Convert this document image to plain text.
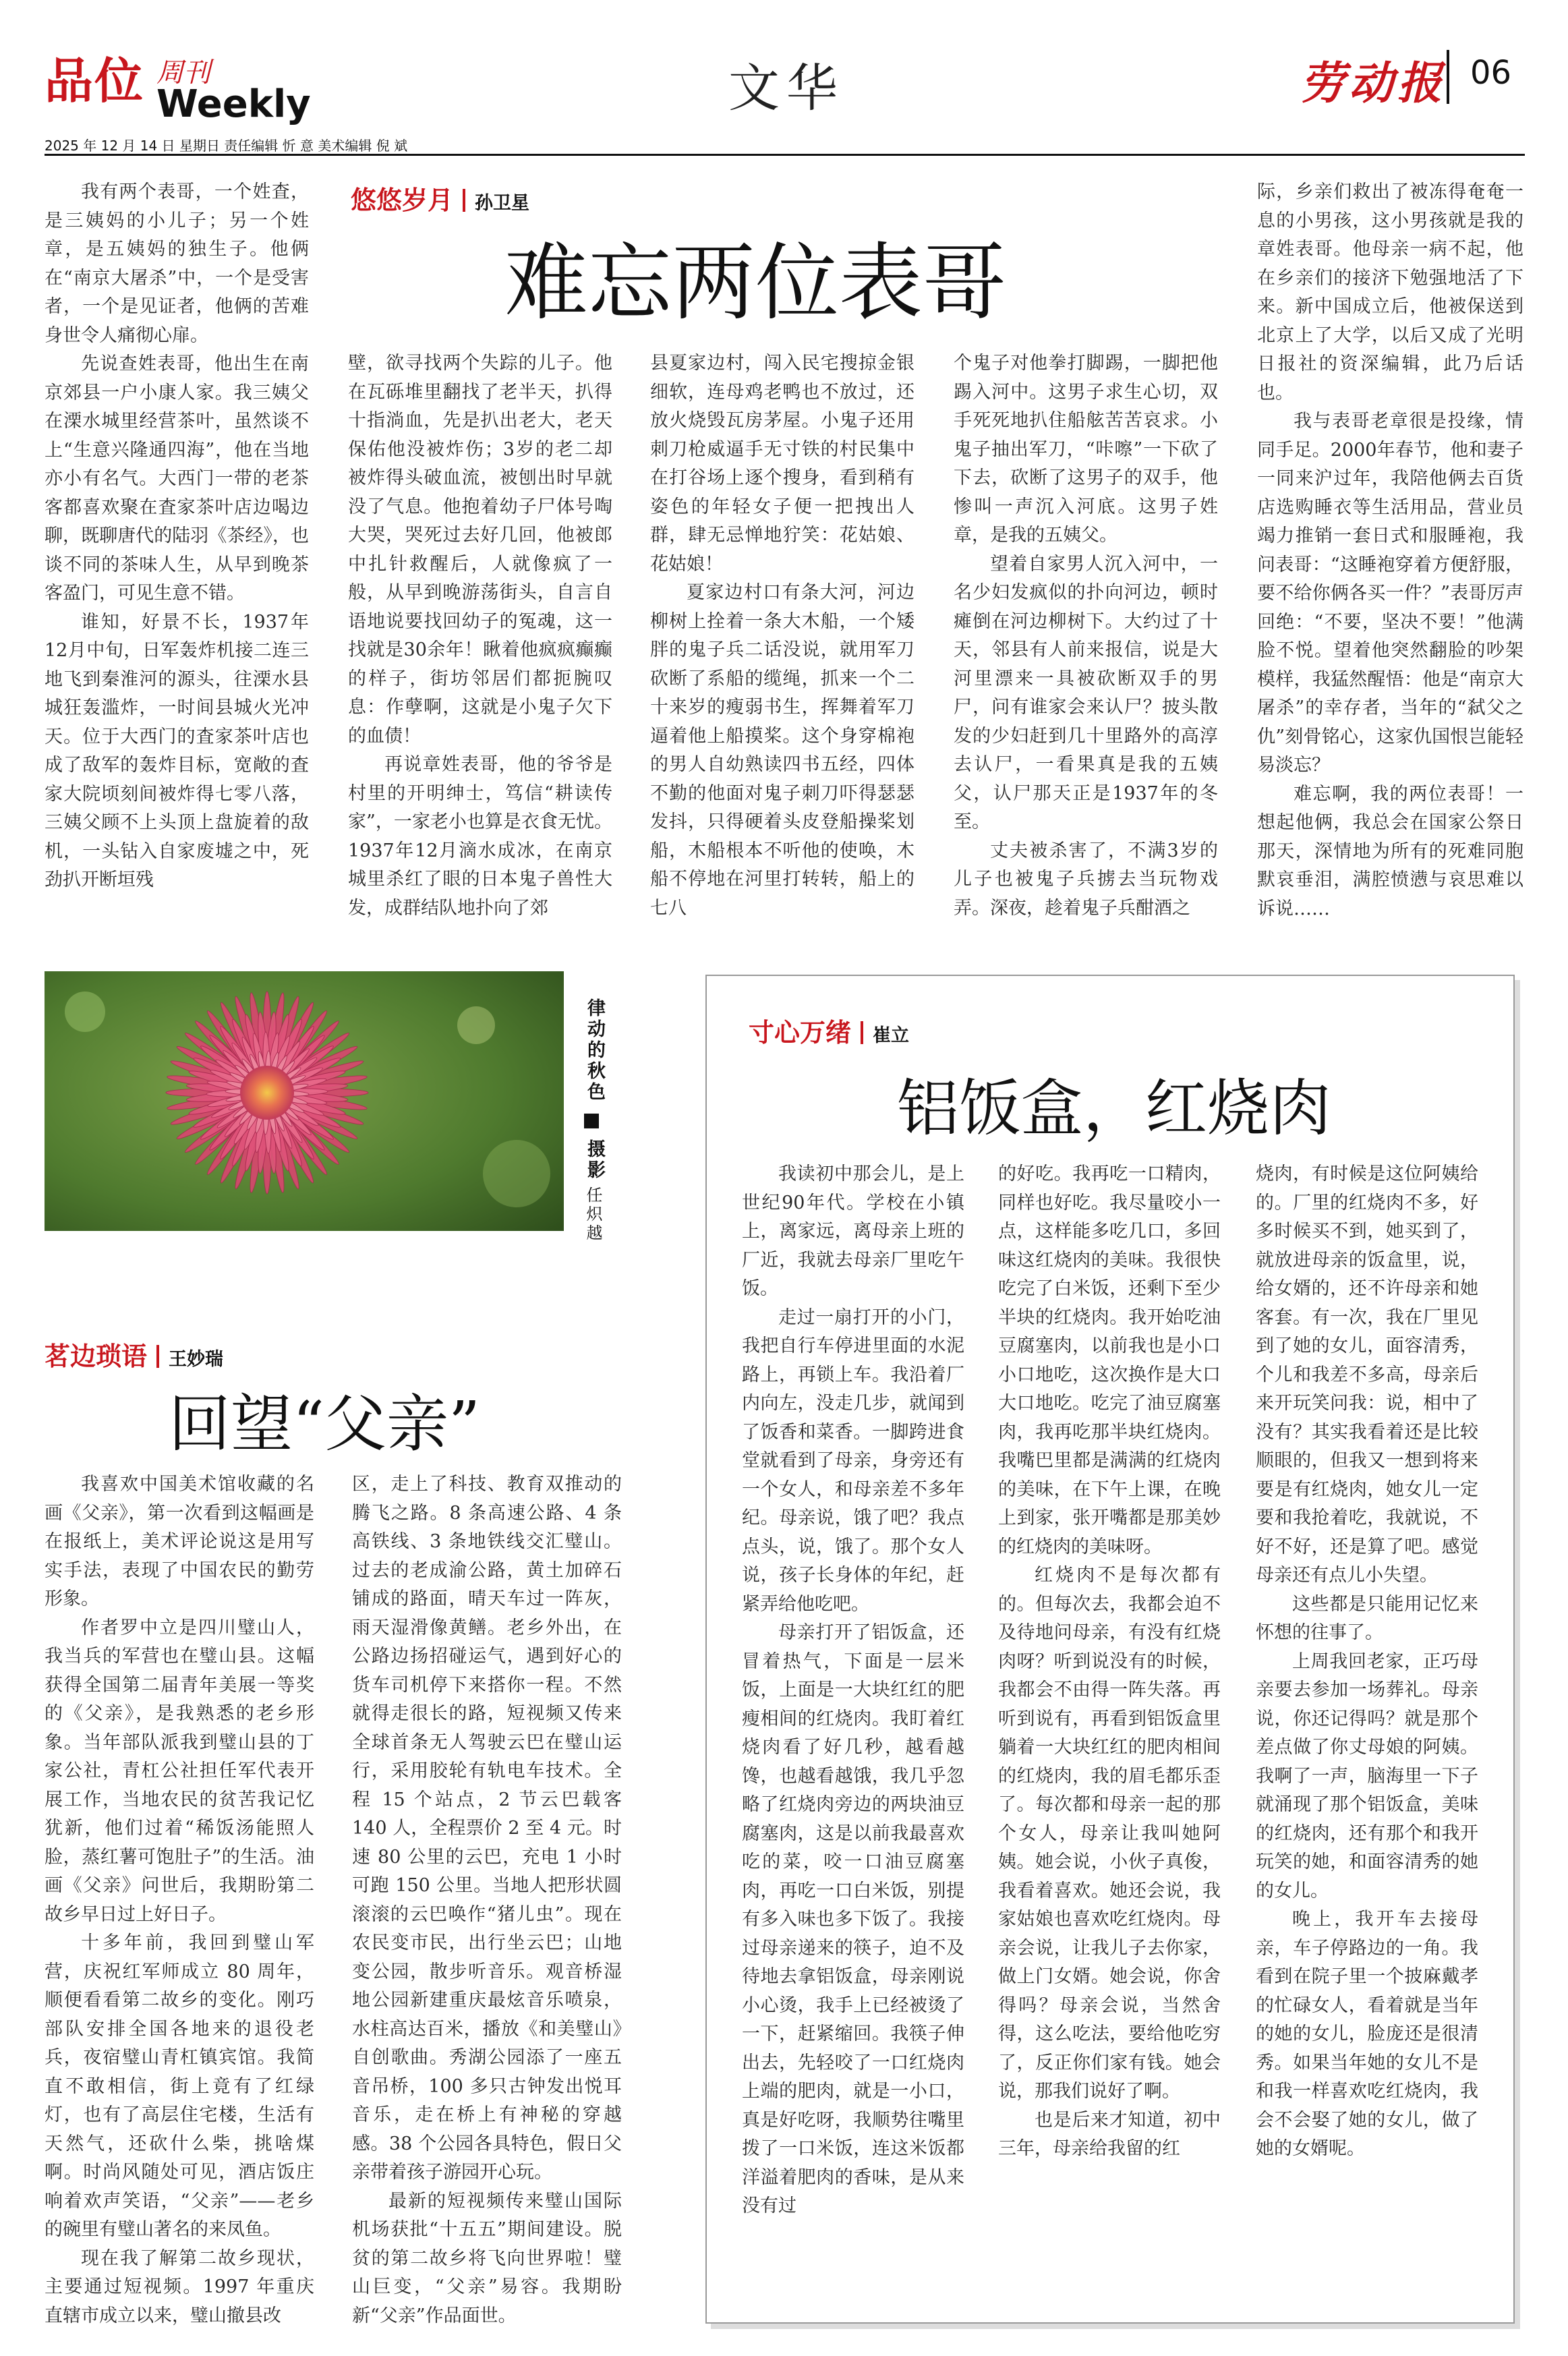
品位 周刊
Weekly
2025 年 12 月 14 日 星期日 责任编辑 忻 意 美术编辑 倪 斌
文华	劳动报 06
悠悠岁月 孙卫星
难忘两位表哥

我有两个表哥，一个姓査，是三姨妈的小儿子；另一个姓章，是五姨妈的独生子。他俩在“南京大屠杀”中，一个是受害者，一个是见证者，他俩的苦难身世令人痛彻心扉。

先说查姓表哥，他出生在南京郊县一户小康人家。我三姨父在溧水城里经营茶叶，虽然谈不上“生意兴隆通四海”，他在当地亦小有名气。大西门一带的老茶客都喜欢聚在査家茶叶店边喝边聊，既聊唐代的陆羽《茶经》，也谈不同的茶味人生，从早到晚茶客盈门，可见生意不错。

谁知，好景不长，1937年12月中旬，日军轰炸机接二连三地飞到秦淮河的源头，往溧水县城狂轰滥炸，一时间县城火光冲天。位于大西门的査家茶叶店也成了敌军的轰炸目标，宽敞的査家大院顷刻间被炸得七零八落，三姨父顾不上头顶上盘旋着的敌机，一头钻入自家废墟之中，死劲扒开断垣残

壁，欲寻找两个失踪的儿子。他在瓦砾堆里翻找了老半天，扒得十指淌血，先是扒出老大，老天保佑他没被炸伤；3岁的老二却被炸得头破血流，被刨出时早就没了气息。他抱着幼子尸体号啕大哭，哭死过去好几回，他被郎中扎针救醒后，人就像疯了一般，从早到晚游荡街头，自言自语地说要找回幼子的冤魂，这一找就是30余年！瞅着他疯疯癫癫的样子，街坊邻居们都扼腕叹息：作孽啊，这就是小鬼子欠下的血债！

再说章姓表哥，他的爷爷是村里的开明绅士，笃信“耕读传家”，一家老小也算是衣食无忧。1937年12月滴水成冰，在南京城里杀红了眼的日本鬼子兽性大发，成群结队地扑向了郊

县夏家边村，闯入民宅搜掠金银细软，连母鸡老鸭也不放过，还放火烧毁瓦房茅屋。小鬼子还用刺刀枪威逼手无寸铁的村民集中在打谷场上逐个搜身，看到稍有姿色的年轻女子便一把拽出人群，肆无忌惮地狞笑：花姑娘、花姑娘！

夏家边村口有条大河，河边柳树上拴着一条大木船，一个矮胖的鬼子兵二话没说，就用军刀砍断了系船的缆绳，抓来一个二十来岁的瘦弱书生，挥舞着军刀逼着他上船摸桨。这个身穿棉袍的男人自幼熟读四书五经，四体不勤的他面对鬼子刺刀吓得瑟瑟发抖，只得硬着头皮登船操桨划船，木船根本不听他的使唤，木船不停地在河里打转转，船上的七八

个鬼子对他拳打脚踢，一脚把他踢入河中。这男子求生心切，双手死死地扒住船舷苦苦哀求。小鬼子抽出军刀，“咔嚓”一下砍了下去，砍断了这男子的双手，他惨叫一声沉入河底。这男子姓章，是我的五姨父。

望着自家男人沉入河中，一名少妇发疯似的扑向河边，顿时瘫倒在河边柳树下。大约过了十天，邻县有人前来报信，说是大河里漂来一具被砍断双手的男尸，问有谁家会来认尸？披头散发的少妇赶到几十里路外的高淳去认尸，一看果真是我的五姨父，认尸那天正是1937年的冬至。

丈夫被杀害了，不满3岁的儿子也被鬼子兵掳去当玩物戏弄。深夜，趁着鬼子兵酣酒之

际，乡亲们救出了被冻得奄奄一息的小男孩，这小男孩就是我的章姓表哥。他母亲一病不起，他在乡亲们的接济下勉强地活了下来。新中国成立后，他被保送到北京上了大学，以后又成了光明日报社的资深编辑，此乃后话也。

我与表哥老章很是投缘，情同手足。2000年春节，他和妻子一同来沪过年，我陪他俩去百货店选购睡衣等生活用品，营业员竭力推销一套日式和服睡袍，我问表哥：“这睡袍穿着方便舒服，要不给你俩各买一件？”表哥厉声回绝：“不要，坚决不要！”他满脸不悦。望着他突然翻脸的吵架模样，我猛然醒悟：他是“南京大屠杀”的幸存者，当年的“弑父之仇”刻骨铭心，这家仇国恨岂能轻易淡忘？

难忘啊，我的两位表哥！一想起他俩，我总会在国家公祭日那天，深情地为所有的死难同胞默哀垂泪，满腔愤懑与哀思难以诉说……

律动的秋色
摄影
任炽越
茗边琐语 王妙瑞
回望“父亲”

我喜欢中国美术馆收藏的名画《父亲》，第一次看到这幅画是在报纸上，美术评论说这是用写实手法，表现了中国农民的勤劳形象。

作者罗中立是四川璧山人，我当兵的军营也在璧山县。这幅获得全国第二届青年美展一等奖的《父亲》，是我熟悉的老乡形象。当年部队派我到璧山县的丁家公社，青杠公社担任军代表开展工作，当地农民的贫苦我记忆犹新，他们过着“稀饭汤能照人脸，蒸红薯可饱肚子”的生活。油画《父亲》问世后，我期盼第二故乡早日过上好日子。

十多年前，我回到璧山军营，庆祝红军师成立 80 周年，顺便看看第二故乡的变化。刚巧部队安排全国各地来的退役老兵，夜宿璧山青杠镇宾馆。我简直不敢相信，街上竟有了红绿灯，也有了高层住宅楼，生活有天然气，还砍什么柴，挑啥煤啊。时尚风随处可见，酒店饭庄响着欢声笑语，“父亲”——老乡的碗里有璧山著名的来凤鱼。

现在我了解第二故乡现状，主要通过短视频。1997 年重庆直辖市成立以来，璧山撤县改

区，走上了科技、教育双推动的腾飞之路。8 条高速公路、4 条高铁线、3 条地铁线交汇璧山。过去的老成渝公路，黄土加碎石铺成的路面，晴天车过一阵灰，雨天湿滑像黄鳝。老乡外出，在公路边扬招碰运气，遇到好心的货车司机停下来搭你一程。不然就得走很长的路，短视频又传来全球首条无人驾驶云巴在璧山运行，采用胶轮有轨电车技术。全程 15 个站点，2 节云巴载客 140 人，全程票价 2 至 4 元。时速 80 公里的云巴，充电 1 小时可跑 150 公里。当地人把形状圆滚滚的云巴唤作“猪儿虫”。现在农民变市民，出行坐云巴；山地变公园，散步听音乐。观音桥湿地公园新建重庆最炫音乐喷泉，水柱高达百米，播放《和美璧山》自创歌曲。秀湖公园添了一座五音吊桥，100 多只古钟发出悦耳音乐，走在桥上有神秘的穿越感。38 个公园各具特色，假日父亲带着孩子游园开心玩。

最新的短视频传来璧山国际机场获批“十五五”期间建设。脱贫的第二故乡将飞向世界啦！璧山巨变，“父亲”易容。我期盼新“父亲”作品面世。

寸心万绪 崔立
铝饭盒，红烧肉

我读初中那会儿，是上世纪90年代。学校在小镇上，离家远，离母亲上班的厂近，我就去母亲厂里吃午饭。

走过一扇打开的小门，我把自行车停进里面的水泥路上，再锁上车。我沿着厂内向左，没走几步，就闻到了饭香和菜香。一脚跨进食堂就看到了母亲，身旁还有一个女人，和母亲差不多年纪。母亲说，饿了吧？我点点头，说，饿了。那个女人说，孩子长身体的年纪，赶紧弄给他吃吧。

母亲打开了铝饭盒，还冒着热气，下面是一层米饭，上面是一大块红红的肥瘦相间的红烧肉。我盯着红烧肉看了好几秒，越看越馋，也越看越饿，我几乎忽略了红烧肉旁边的两块油豆腐塞肉，这是以前我最喜欢吃的菜，咬一口油豆腐塞肉，再吃一口白米饭，别提有多入味也多下饭了。我接过母亲递来的筷子，迫不及待地去拿铝饭盒，母亲刚说小心烫，我手上已经被烫了一下，赶紧缩回。我筷子伸出去，先轻咬了一口红烧肉上端的肥肉，就是一小口，真是好吃呀，我顺势往嘴里拨了一口米饭，连这米饭都洋溢着肥肉的香味，是从来没有过

的好吃。我再吃一口精肉，同样也好吃。我尽量咬小一点，这样能多吃几口，多回味这红烧肉的美味。我很快吃完了白米饭，还剩下至少半块的红烧肉。我开始吃油豆腐塞肉，以前我也是小口小口地吃，这次换作是大口大口地吃。吃完了油豆腐塞肉，我再吃那半块红烧肉。我嘴巴里都是满满的红烧肉的美味，在下午上课，在晚上到家，张开嘴都是那美妙的红烧肉的美味呀。

红烧肉不是每次都有的。但每次去，我都会迫不及待地问母亲，有没有红烧肉呀？听到说没有的时候，我都会不由得一阵失落。再听到说有，再看到铝饭盒里躺着一大块红红的肥肉相间的红烧肉，我的眉毛都乐歪了。每次都和母亲一起的那个女人，母亲让我叫她阿姨。她会说，小伙子真俊，我看着喜欢。她还会说，我家姑娘也喜欢吃红烧肉。母亲会说，让我儿子去你家，做上门女婿。她会说，你舍得吗？母亲会说，当然舍得，这么吃法，要给他吃穷了，反正你们家有钱。她会说，那我们说好了啊。

也是后来才知道，初中三年，母亲给我留的红

烧肉，有时候是这位阿姨给的。厂里的红烧肉不多，好多时候买不到，她买到了，就放进母亲的饭盒里，说，给女婿的，还不许母亲和她客套。有一次，我在厂里见到了她的女儿，面容清秀，个儿和我差不多高，母亲后来开玩笑问我：说，相中了没有？其实我看着还是比较顺眼的，但我又一想到将来要是有红烧肉，她女儿一定要和我抢着吃，我就说，不好不好，还是算了吧。感觉母亲还有点儿小失望。

这些都是只能用记忆来怀想的往事了。

上周我回老家，正巧母亲要去参加一场葬礼。母亲说，你还记得吗？就是那个差点做了你丈母娘的阿姨。我啊了一声，脑海里一下子就涌现了那个铝饭盒，美味的红烧肉，还有那个和我开玩笑的她，和面容清秀的她的女儿。

晚上，我开车去接母亲，车子停路边的一角。我看到在院子里一个披麻戴孝的忙碌女人，看着就是当年的她的女儿，脸庞还是很清秀。如果当年她的女儿不是和我一样喜欢吃红烧肉，我会不会娶了她的女儿，做了她的女婿呢。
